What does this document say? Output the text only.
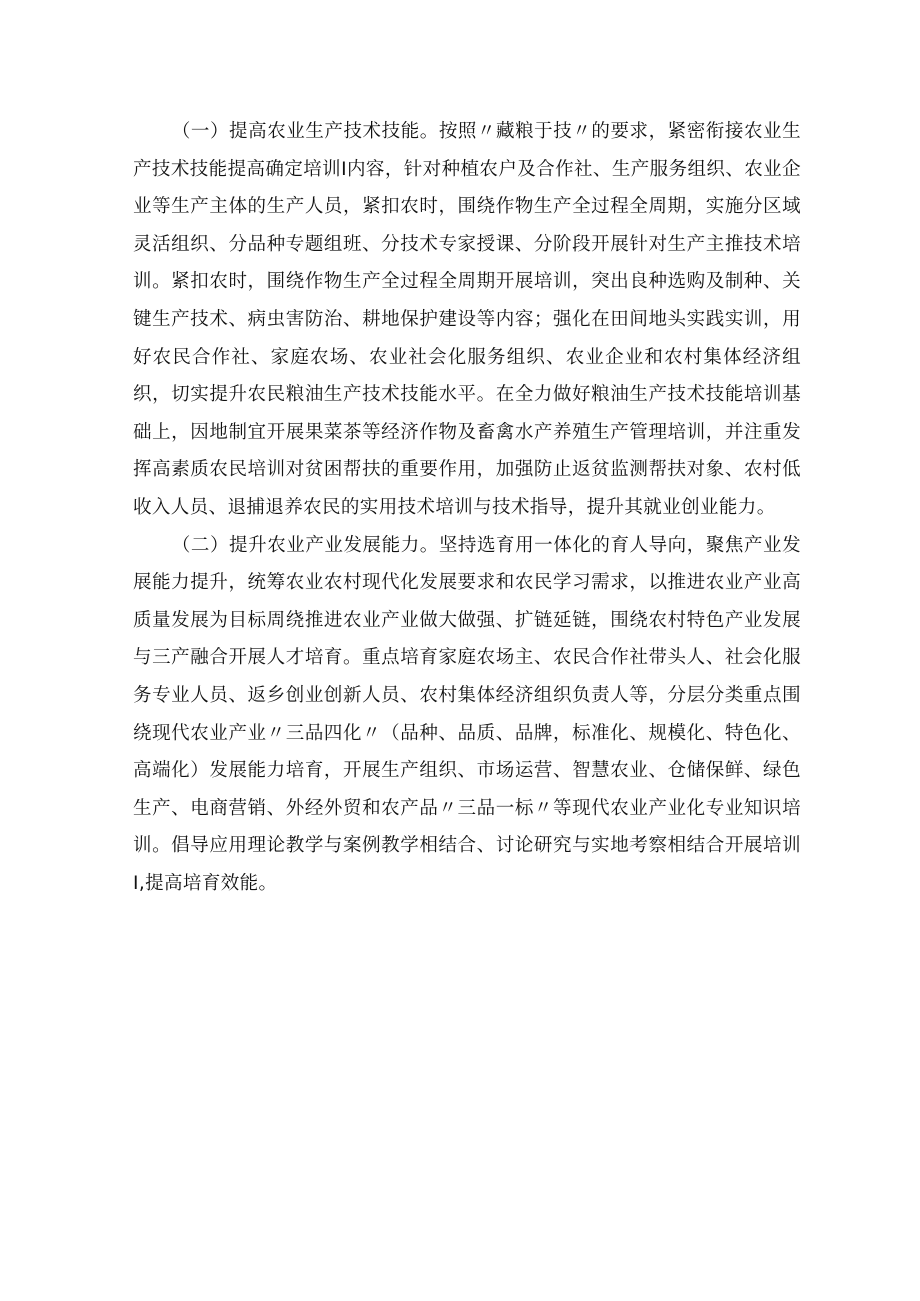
（一）提高农业生产技术技能。按照〃藏粮于技〃的要求，紧密衔接农业生产技术技能提高确定培训Ⅰ内容，针对种植农户及合作社、生产服务组织、农业企业等生产主体的生产人员，紧扣农时，围绕作物生产全过程全周期，实施分区域灵活组织、分品种专题组班、分技术专家授课、分阶段开展针对生产主推技术培训。紧扣农时，围绕作物生产全过程全周期开展培训，突出良种选购及制种、关键生产技术、病虫害防治、耕地保护建设等内容；强化在田间地头实践实训，用好农民合作社、家庭农场、农业社会化服务组织、农业企业和农村集体经济组织，切实提升农民粮油生产技术技能水平。在全力做好粮油生产技术技能培训基础上，因地制宜开展果菜茶等经济作物及畜禽水产养殖生产管理培训，并注重发挥高素质农民培训对贫困帮扶的重要作用，加强防止返贫监测帮扶对象、农村低收入人员、退捕退养农民的实用技术培训与技术指导，提升其就业创业能力。

（二）提升农业产业发展能力。坚持选育用一体化的育人导向，聚焦产业发展能力提升，统筹农业农村现代化发展要求和农民学习需求，以推进农业产业高质量发展为目标周绕推进农业产业做大做强、扩链延链，围绕农村特色产业发展与三产融合开展人才培育。重点培育家庭农场主、农民合作社带头人、社会化服务专业人员、返乡创业创新人员、农村集体经济组织负责人等，分层分类重点围绕现代农业产业〃三品四化〃（品种、品质、品牌，标准化、规模化、特色化、高端化）发展能力培育，开展生产组织、市场运营、智慧农业、仓储保鲜、绿色生产、电商营销、外经外贸和农产品〃三品一标〃等现代农业产业化专业知识培训。倡导应用理论教学与案例教学相结合、讨论研究与实地考察相结合开展培训Ⅰ,提高培育效能。
